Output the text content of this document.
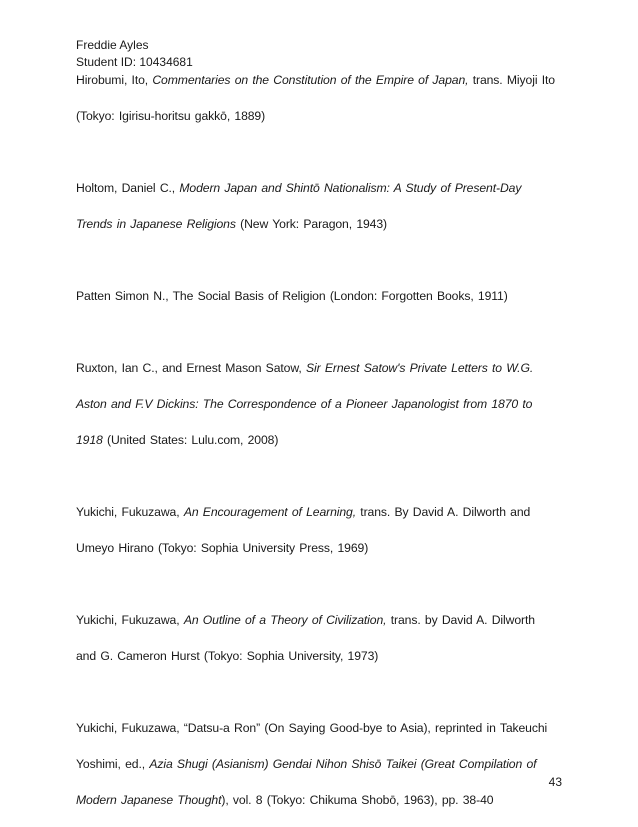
Freddie Ayles
Student ID: 10434681
Hirobumi, Ito, Commentaries on the Constitution of the Empire of Japan, trans. Miyoji Ito
(Tokyo: Igirisu-horitsu gakkō, 1889)
Holtom, Daniel C., Modern Japan and Shintō Nationalism: A Study of Present-Day
Trends in Japanese Religions (New York: Paragon, 1943)
Patten Simon N., The Social Basis of Religion (London: Forgotten Books, 1911)
Ruxton, Ian C., and Ernest Mason Satow, Sir Ernest Satow's Private Letters to W.G.
Aston and F.V Dickins: The Correspondence of a Pioneer Japanologist from 1870 to
1918 (United States: Lulu.com, 2008)
Yukichi, Fukuzawa, An Encouragement of Learning, trans. By David A. Dilworth and
Umeyo Hirano (Tokyo: Sophia University Press, 1969)
Yukichi, Fukuzawa, An Outline of a Theory of Civilization, trans. by David A. Dilworth
and G. Cameron Hurst (Tokyo: Sophia University, 1973)
Yukichi, Fukuzawa, “Datsu-a Ron” (On Saying Good-bye to Asia), reprinted in Takeuchi
Yoshimi, ed., Azia Shugi (Asianism) Gendai Nihon Shisō Taikei (Great Compilation of
Modern Japanese Thought), vol. 8 (Tokyo: Chikuma Shobō, 1963), pp. 38-40
43
